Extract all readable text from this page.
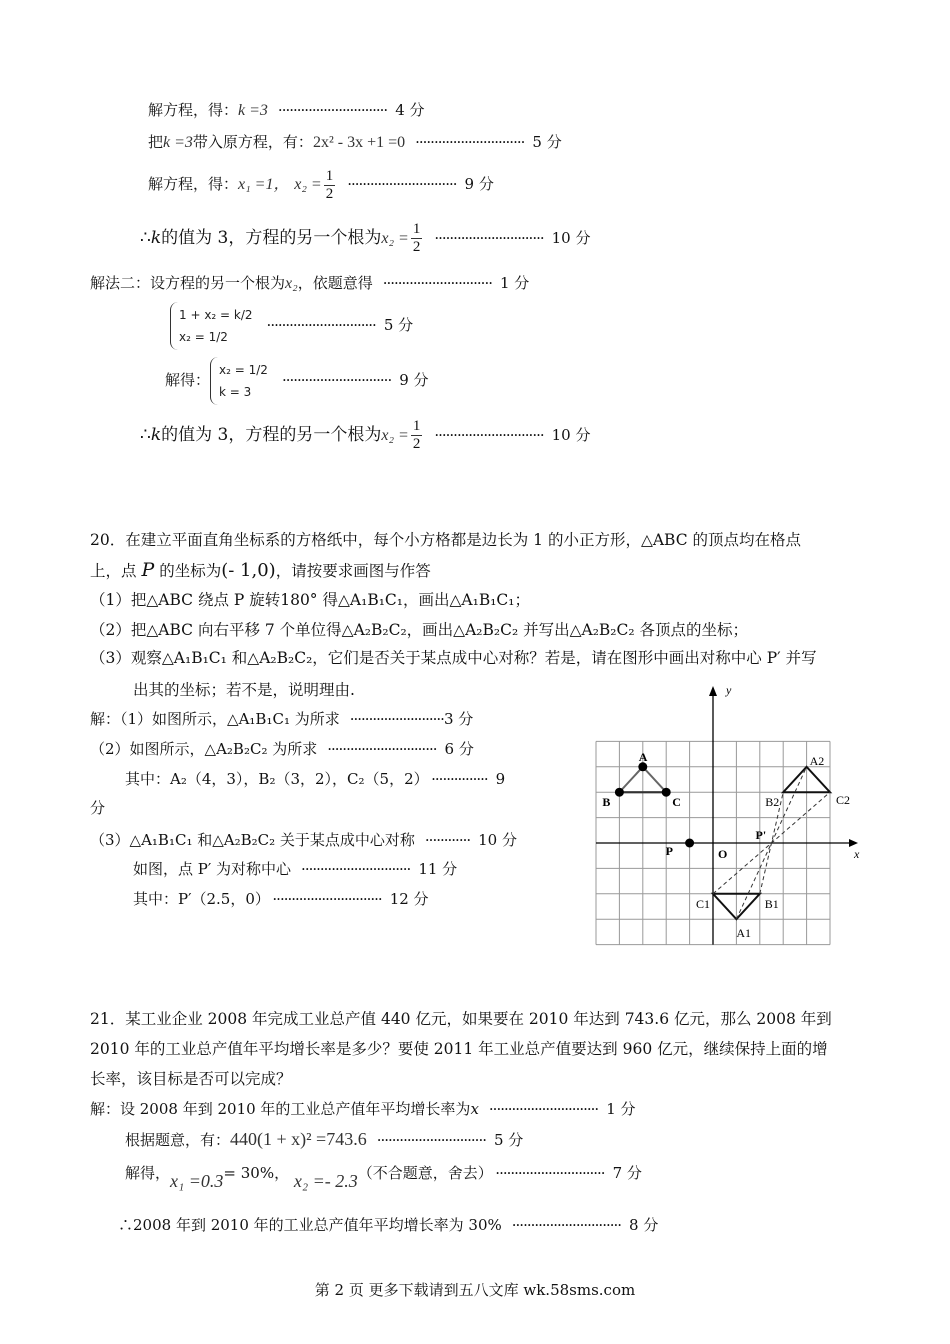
解方程，得：k =3 ····························· 4 分
把k =3带入原方程，有：2x² - 3x +1 =0 ····························· 5 分
解方程，得：x₁ =1， $x_2 = \frac{1}{2}$ ····························· 9 分
∴k的值为 3，方程的另一个根为$x_2 = \frac{1}{2}$ ····························· 10 分
解法二：设方程的另一个根为x₂，依题意得 ····························· 1 分
1 + x₂ = k/2
x₂ = 1/2
····························· 5 分
解得：
x₂ = 1/2
k = 3
····························· 9 分
∴k的值为 3，方程的另一个根为$x_2 = \frac{1}{2}$ ····························· 10 分
20．在建立平面直角坐标系的方格纸中，每个小方格都是边长为 1 的小正方形，△ABC 的顶点均在格点
上，点 P 的坐标为(- 1,0)，请按要求画图与作答
（1）把△ABC 绕点 P 旋转180° 得△A₁B₁C₁，画出△A₁B₁C₁；
（2）把△ABC 向右平移 7 个单位得△A₂B₂C₂，画出△A₂B₂C₂ 并写出△A₂B₂C₂ 各顶点的坐标；
（3）观察△A₁B₁C₁ 和△A₂B₂C₂，它们是否关于某点成中心对称？若是，请在图形中画出对称中心 P′ 并写
出其的坐标；若不是，说明理由.
解：（1）如图所示，△A₁B₁C₁ 为所求 ·························3 分
（2）如图所示，△A₂B₂C₂ 为所求 ····························· 6 分
其中：A₂（4，3），B₂（3，2），C₂（5，2） ··············· 9
分
（3）△A₁B₁C₁ 和△A₂B₂C₂ 关于某点成中心对称 ············ 10 分
如图，点 P′ 为对称中心 ····························· 11 分
其中：P′（2.5，0） ····························· 12 分
x
y
O
A
B	C
P
A1
B1
C1
A2
B2	C2
P'
21．某工业企业 2008 年完成工业总产值 440 亿元，如果要在 2010 年达到 743.6 亿元，那么 2008 年到
2010 年的工业总产值年平均增长率是多少？要使 2011 年工业总产值要达到 960 亿元，继续保持上面的增
长率，该目标是否可以完成？
解：设 2008 年到 2010 年的工业总产值年平均增长率为x ····························· 1 分
根据题意，有：440(1 + x)² =743.6 ····························· 5 分
解得，x₁ =0.3= 30%， x₂ =- 2.3（不合题意，舍去） ····························· 7 分
∴2008 年到 2010 年的工业总产值年平均增长率为 30% ····························· 8 分
第 2 页 更多下载请到五八文库 wk.58sms.com
